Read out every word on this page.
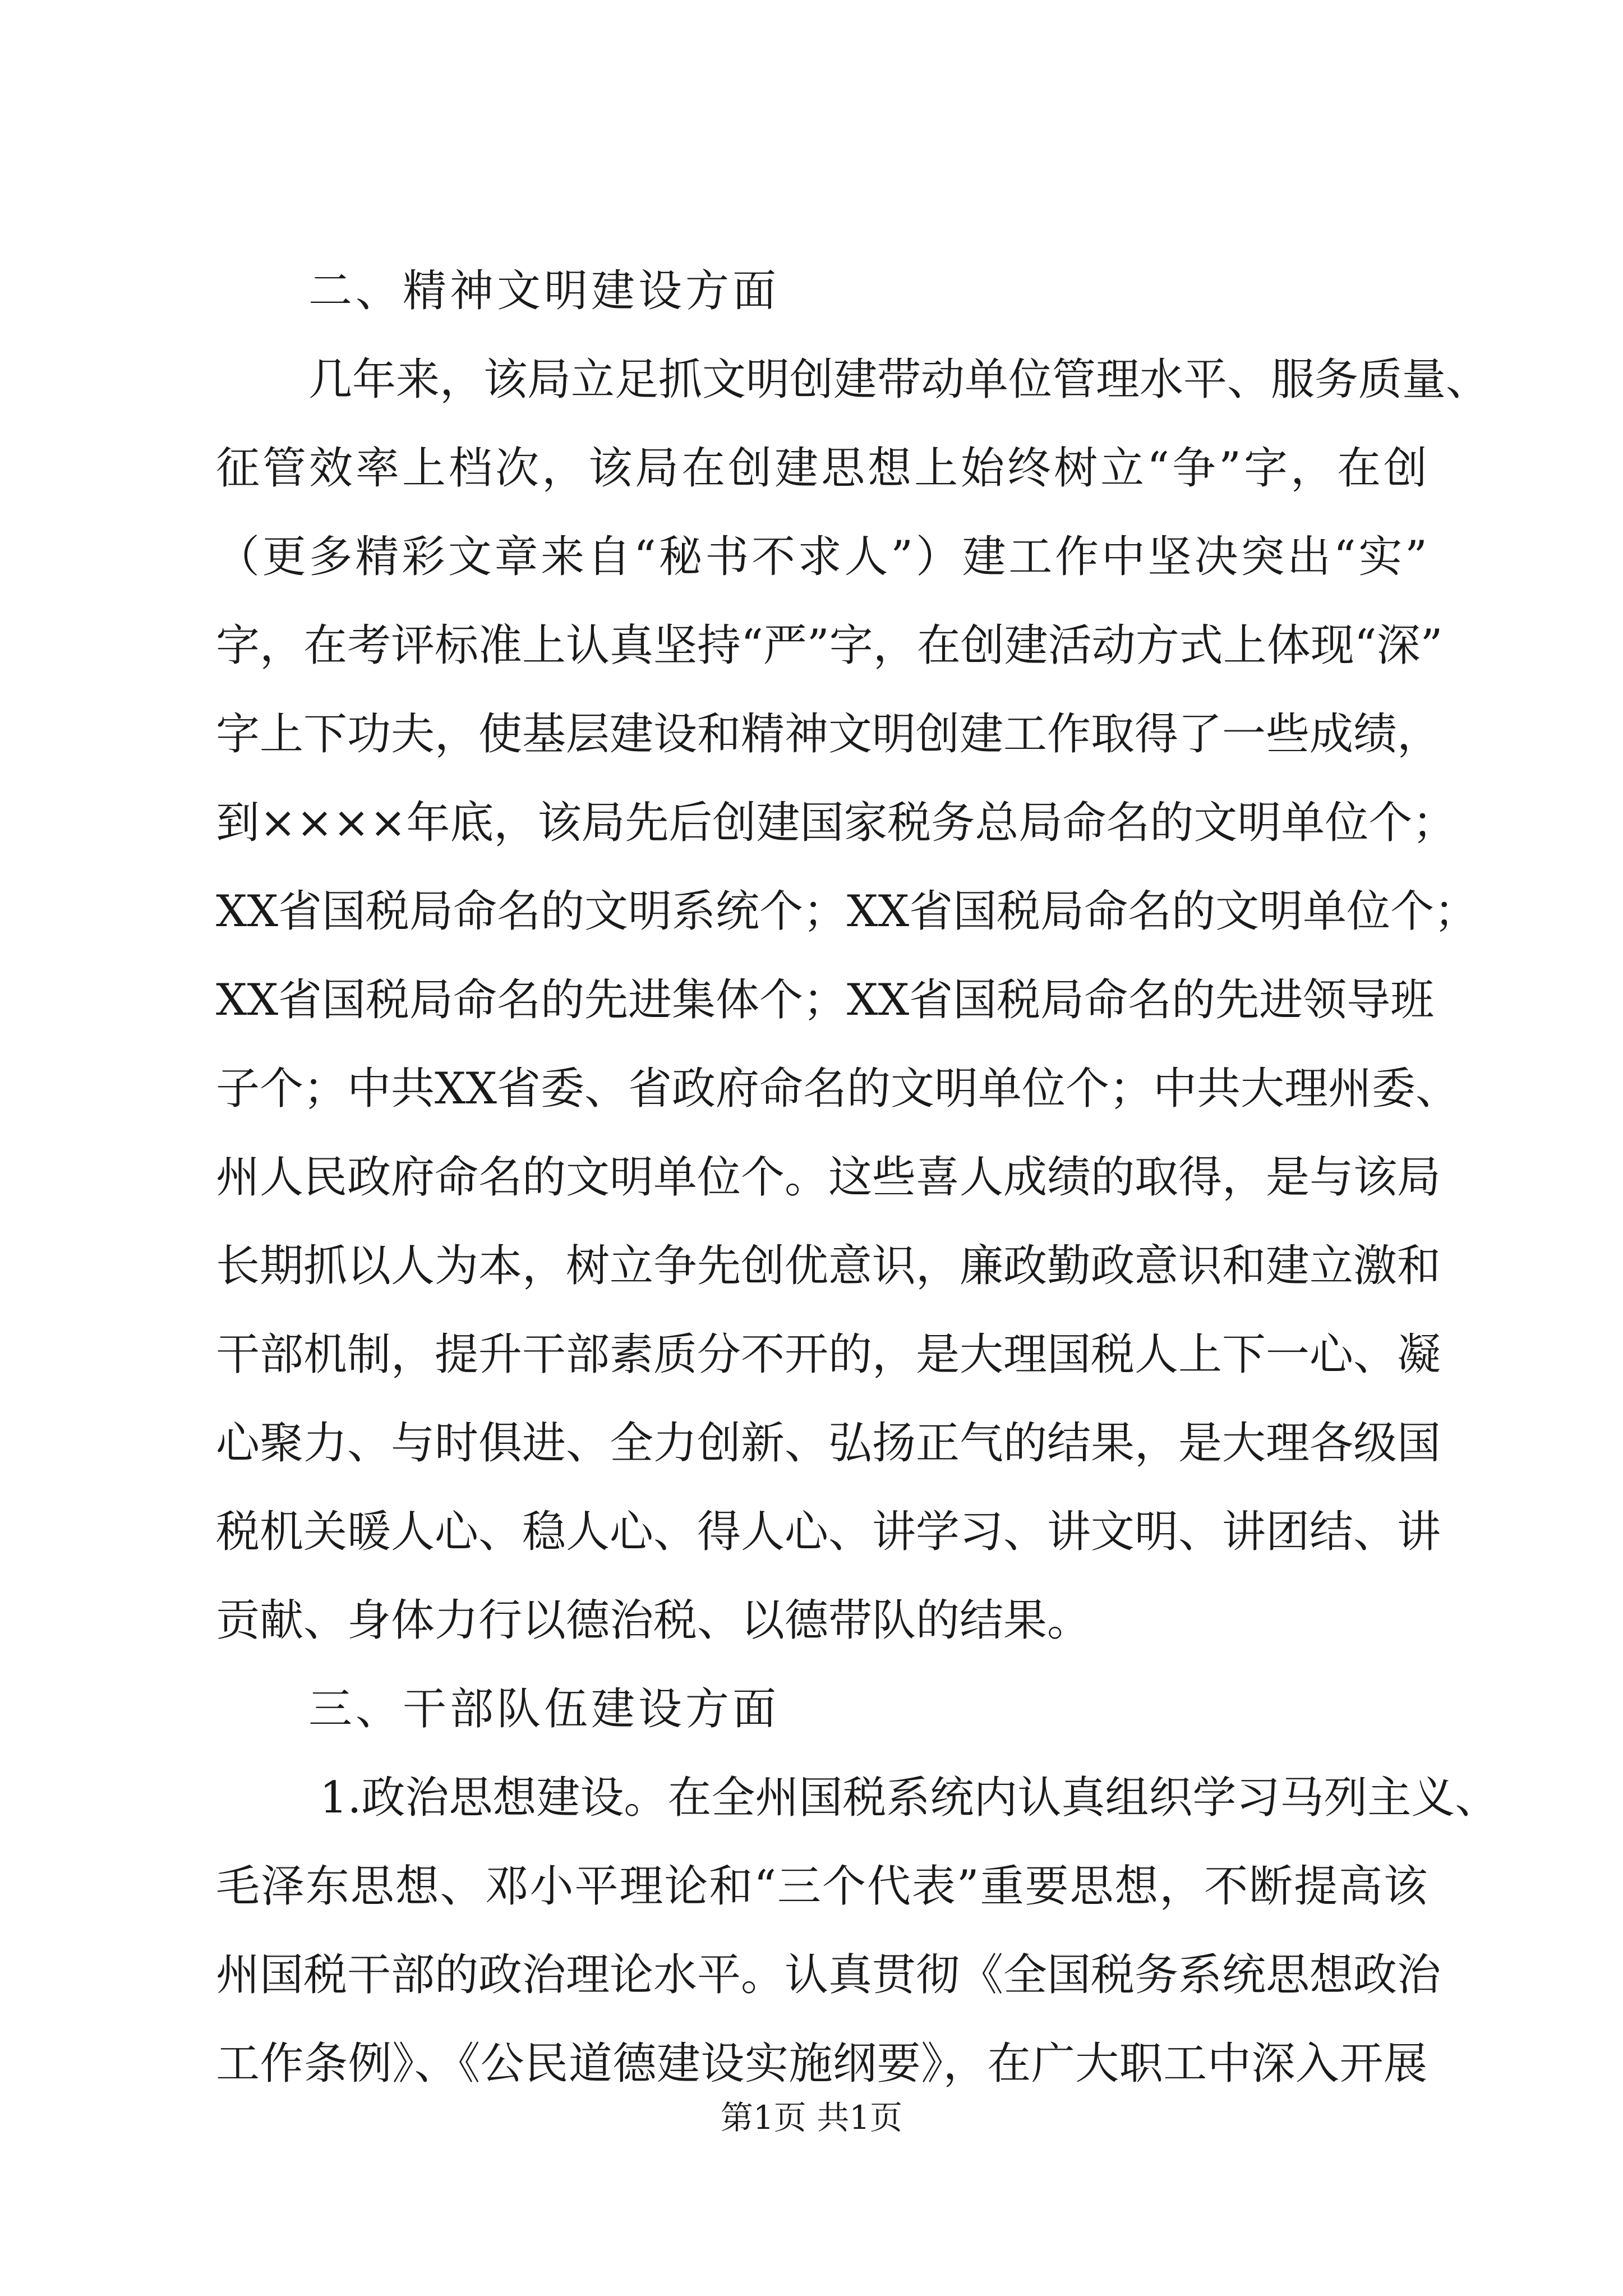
二、精神文明建设方面
几年来，该局立足抓文明创建带动单位管理水平、服务质量、
征管效率上档次，该局在创建思想上始终树立“争”字，在创
（更多精彩文章来自“秘书不求人”）建工作中坚决突出“实”
字，在考评标准上认真坚持“严”字，在创建活动方式上体现“深”
字上下功夫，使基层建设和精神文明创建工作取得了一些成绩，
到××××年底，该局先后创建国家税务总局命名的文明单位个；
XX省国税局命名的文明系统个；XX省国税局命名的文明单位个；
XX省国税局命名的先进集体个；XX省国税局命名的先进领导班
子个；中共XX省委、省政府命名的文明单位个；中共大理州委、
州人民政府命名的文明单位个。这些喜人成绩的取得，是与该局
长期抓以人为本，树立争先创优意识，廉政勤政意识和建立激和
干部机制，提升干部素质分不开的，是大理国税人上下一心、凝
心聚力、与时俱进、全力创新、弘扬正气的结果，是大理各级国
税机关暖人心、稳人心、得人心、讲学习、讲文明、讲团结、讲
贡献、身体力行以德治税、以德带队的结果。
三、干部队伍建设方面
1.政治思想建设。在全州国税系统内认真组织学习马列主义、
毛泽东思想、邓小平理论和“三个代表”重要思想，不断提高该
州国税干部的政治理论水平。认真贯彻《全国税务系统思想政治
工作条例》、《公民道德建设实施纲要》，在广大职工中深入开展
第1页 共1页
